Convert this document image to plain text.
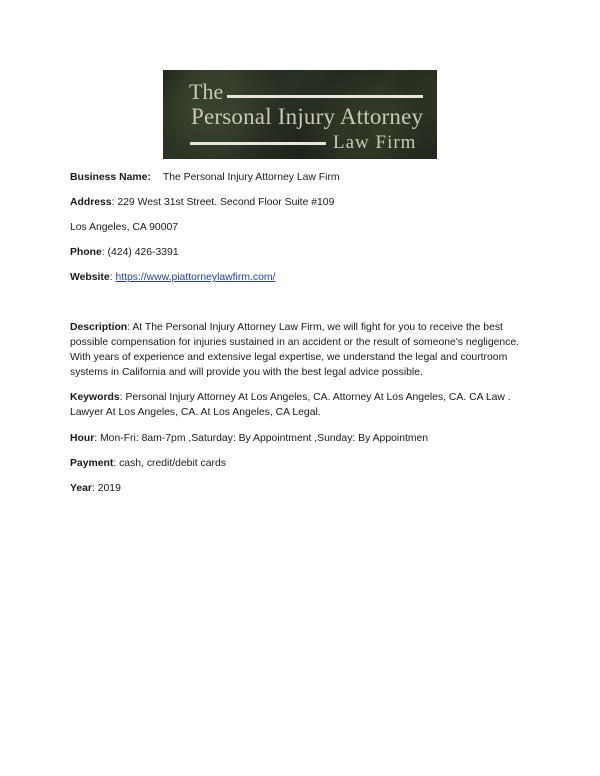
The
Personal Injury Attorney
Law Firm
Business Name: The Personal Injury Attorney Law Firm
Address: 229 West 31st Street. Second Floor Suite #109
Los Angeles, CA 90007
Phone: (424) 426-3391
Website: https://www.piattorneylawfirm.com/
Description: At The Personal Injury Attorney Law Firm, we will fight for you to receive the best possible compensation for injuries sustained in an accident or the result of someone's negligence. With years of experience and extensive legal expertise, we understand the legal and courtroom systems in California and will provide you with the best legal advice possible.
Keywords: Personal Injury Attorney At Los Angeles, CA. Attorney At Los Angeles, CA. CA Law . Lawyer At Los Angeles, CA. At Los Angeles, CA Legal.
Hour: Mon-Fri: 8am-7pm ,Saturday: By Appointment ,Sunday: By Appointmen
Payment: cash, credit/debit cards
Year: 2019
